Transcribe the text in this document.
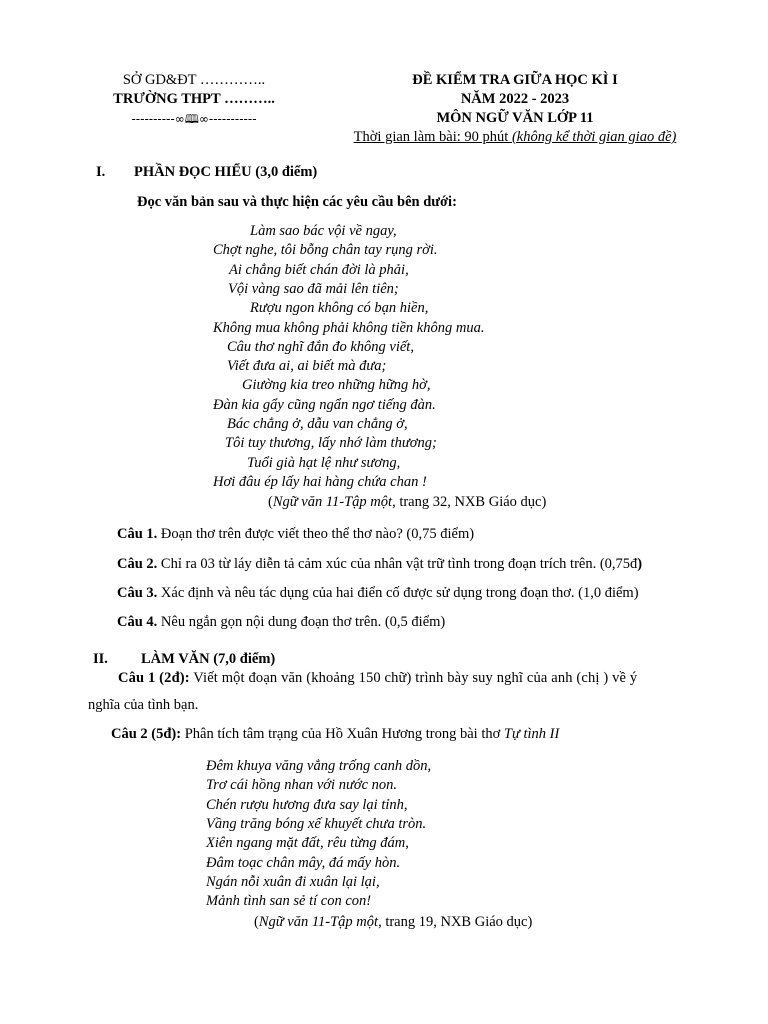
SỞ GD&ĐT …………..
TRƯỜNG THPT ………..
----------∞🕮∞-----------
ĐỀ KIỂM TRA GIỮA HỌC KÌ I
NĂM 2022 - 2023
MÔN NGỮ VĂN LỚP 11
Thời gian làm bài: 90 phút (không kể thời gian giao đề)
I. PHẦN ĐỌC HIỂU (3,0 điểm)
Đọc văn bản sau và thực hiện các yêu cầu bên dưới:
Làm sao bác vội về ngay,
Chợt nghe, tôi bỗng chân tay rụng rời.
Ai chẳng biết chán đời là phải,
Vội vàng sao đã mải lên tiên;
Rượu ngon không có bạn hiền,
Không mua không phải không tiền không mua.
Câu thơ nghĩ đắn đo không viết,
Viết đưa ai, ai biết mà đưa;
Giường kia treo những hững hờ,
Đàn kia gẩy cũng ngẩn ngơ tiếng đàn.
Bác chẳng ở, dẫu van chẳng ở,
Tôi tuy thương, lấy nhớ làm thương;
Tuổi già hạt lệ như sương,
Hơi đâu ép lấy hai hàng chứa chan !
(Ngữ văn 11-Tập một, trang 32, NXB Giáo dục)
Câu 1. Đoạn thơ trên được viết theo thể thơ nào? (0,75 điểm)
Câu 2. Chỉ ra 03 từ láy diễn tả cảm xúc của nhân vật trữ tình trong đoạn trích trên. (0,75đ)
Câu 3. Xác định và nêu tác dụng của hai điển cố được sử dụng trong đoạn thơ. (1,0 điểm)
Câu 4. Nêu ngắn gọn nội dung đoạn thơ trên. (0,5 điểm)
II. LÀM VĂN (7,0 điểm)
Câu 1 (2đ): Viết một đoạn văn (khoảng 150 chữ) trình bày suy nghĩ của anh (chị ) về ý
nghĩa của tình bạn.
Câu 2 (5đ): Phân tích tâm trạng của Hồ Xuân Hương trong bài thơ Tự tình II
Đêm khuya văng vẳng trống canh dồn,
Trơ cái hồng nhan với nước non.
Chén rượu hương đưa say lại tỉnh,
Vầng trăng bóng xế khuyết chưa tròn.
Xiên ngang mặt đất, rêu từng đám,
Đâm toạc chân mây, đá mấy hòn.
Ngán nỗi xuân đi xuân lại lại,
Mảnh tình san sẻ tí con con!
(Ngữ văn 11-Tập một, trang 19, NXB Giáo dục)
